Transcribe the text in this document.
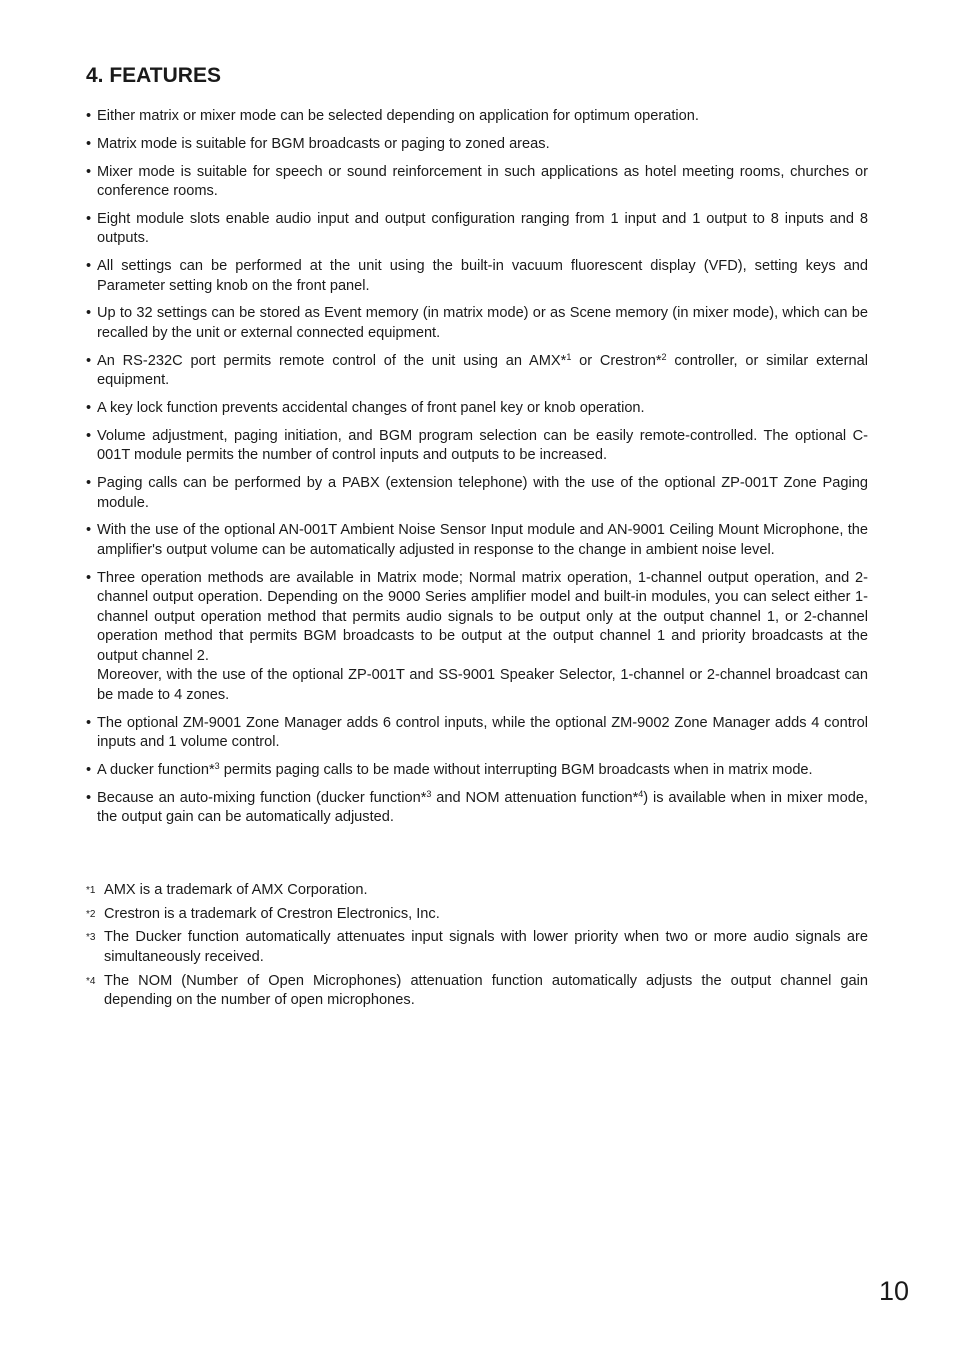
4. FEATURES
• Either matrix or mixer mode can be selected depending on application for optimum operation.
• Matrix mode is suitable for BGM broadcasts or paging to zoned areas.
• Mixer mode is suitable for speech or sound reinforcement in such applications as hotel meeting rooms, churches or conference rooms.
• Eight module slots enable audio input and output configuration ranging from 1 input and 1 output to 8 inputs and 8 outputs.
• All settings can be performed at the unit using the built-in vacuum fluorescent display (VFD), setting keys and Parameter setting knob on the front panel.
• Up to 32 settings can be stored as Event memory (in matrix mode) or as Scene memory (in mixer mode), which can be recalled by the unit or external connected equipment.
• An RS-232C port permits remote control of the unit using an AMX*$^1$ or Crestron*$^2$ controller, or similar external equipment.
• A key lock function prevents accidental changes of front panel key or knob operation.
• Volume adjustment, paging initiation, and BGM program selection can be easily remote-controlled. The optional C-001T module permits the number of control inputs and outputs to be increased.
• Paging calls can be performed by a PABX (extension telephone) with the use of the optional ZP-001T Zone Paging module.
• With the use of the optional AN-001T Ambient Noise Sensor Input module and AN-9001 Ceiling Mount Microphone, the amplifier's output volume can be automatically adjusted in response to the change in ambient noise level.
• Three operation methods are available in Matrix mode; Normal matrix operation, 1-channel output operation, and 2-channel output operation. Depending on the 9000 Series amplifier model and built-in modules, you can select either 1-channel output operation method that permits audio signals to be output only at the output channel 1, or 2-channel operation method that permits BGM broadcasts to be output at the output channel 1 and priority broadcasts at the output channel 2.
Moreover, with the use of the optional ZP-001T and SS-9001 Speaker Selector, 1-channel or 2-channel broadcast can be made to 4 zones.
• The optional ZM-9001 Zone Manager adds 6 control inputs, while the optional ZM-9002 Zone Manager adds 4 control inputs and 1 volume control.
• A ducker function*$^3$ permits paging calls to be made without interrupting BGM broadcasts when in matrix mode.
• Because an auto-mixing function (ducker function*$^3$ and NOM attenuation function*$^4$) is available when in mixer mode, the output gain can be automatically adjusted.
*1 AMX is a trademark of AMX Corporation.
*2 Crestron is a trademark of Crestron Electronics, Inc.
*3 The Ducker function automatically attenuates input signals with lower priority when two or more audio signals are simultaneously received.
*4 The NOM (Number of Open Microphones) attenuation function automatically adjusts the output channel gain depending on the number of open microphones.
10
